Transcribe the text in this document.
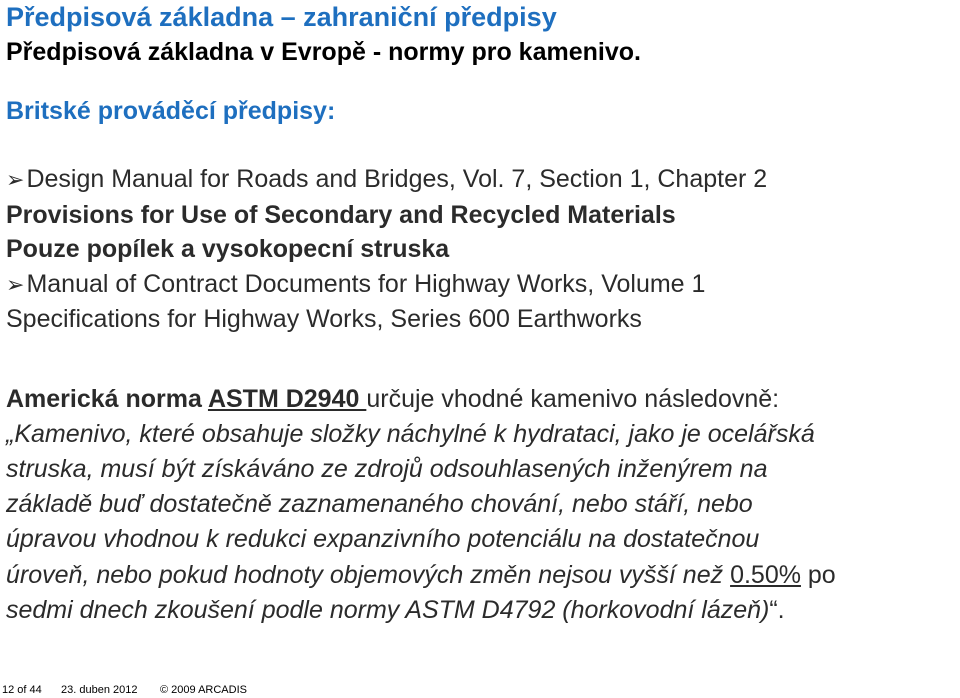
Předpisová základna – zahraniční předpisy
Předpisová základna v Evropě - normy pro kamenivo.
Britské prováděcí předpisy:
➢Design Manual for Roads and Bridges, Vol. 7, Section 1, Chapter 2
Provisions for Use of Secondary and Recycled Materials
Pouze popílek a vysokopecní struska
➢Manual of Contract Documents for Highway Works, Volume 1
Specifications for Highway Works, Series 600 Earthworks
Americká norma ASTM D2940 určuje vhodné kamenivo následovně:
„Kamenivo, které obsahuje složky náchylné k hydrataci, jako je ocelářská
struska, musí být získáváno ze zdrojů odsouhlasených inženýrem na
základě buď dostatečně zaznamenaného chování, nebo stáří, nebo
úpravou vhodnou k redukci expanzivního potenciálu na dostatečnou
úroveň, nebo pokud hodnoty objemových změn nejsou vyšší než 0.50% po
sedmi dnech zkoušení podle normy ASTM D4792 (horkovodní lázeň)“.
12 of 44 23. duben 2012 © 2009 ARCADIS
